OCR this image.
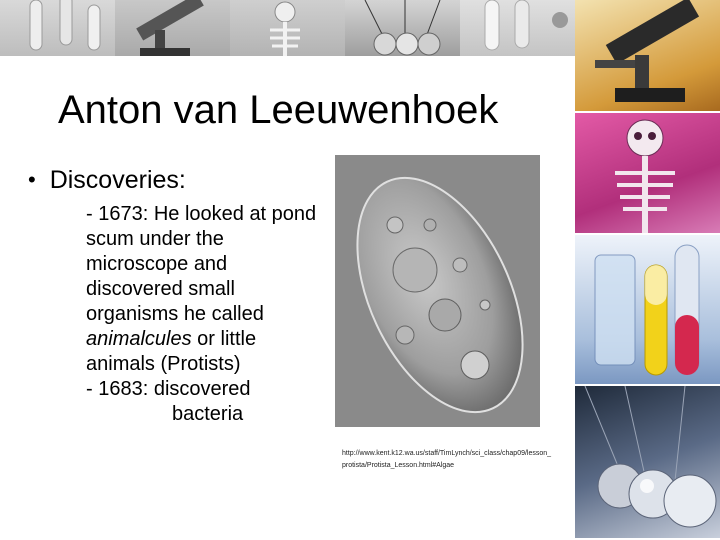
Anton van Leeuwenhoek
• Discoveries:

- 1673: He looked at pond scum under the microscope and discovered small organisms he called animalcules or little animals (Protists)

- 1683: discovered

bacteria

http://www.kent.k12.wa.us/staff/TimLynch/sci_class/chap09/lesson_protista/Protista_Lesson.html#Algae
